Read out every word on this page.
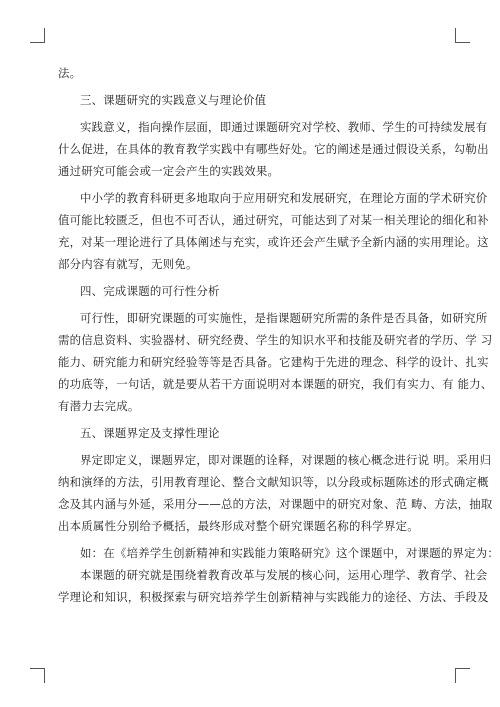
法。
三、课题研究的实践意义与理论价值
实践意义，指向操作层面，即通过课题研究对学校、教师、学生的可持续发展有
什么促进，在具体的教育教学实践中有哪些好处。它的阐述是通过假设关系，勾勒出
通过研究可能会或一定会产生的实践效果。
中小学的教育科研更多地取向于应用研究和发展研究，在理论方面的学术研究价
值可能比较匮乏，但也不可否认，通过研究，可能达到了对某一相关理论的细化和补
充，对某一理论进行了具体阐述与充实，或许还会产生赋予全新内涵的实用理论。这
部分内容有就写，无则免。
四、完成课题的可行性分析
可行性，即研究课题的可实施性，是指课题研究所需的条件是否具备，如研究所
需的信息资料、实验器材、研究经费、学生的知识水平和技能及研究者的学历、学 习
能力、研究能力和研究经验等等是否具备。它建构于先进的理念、科学的设计、扎实
的功底等，一句话，就是要从若干方面说明对本课题的研究，我们有实力、有 能力、
有潜力去完成。
五、课题界定及支撑性理论
界定即定义，课题界定，即对课题的诠释，对课题的核心概念进行说 明。采用归
纳和演绎的方法，引用教育理论、整合文献知识等，以分段或标题陈述的形式确定概
念及其内涵与外延，采用分——总的方法，对课题中的研究对象、范 畴、方法，抽取
出本质属性分别给予概括，最终形成对整个研究课题名称的科学界定。
如：在《培养学生创新精神和实践能力策略研究》这个课题中，对课题的界定为：
本课题的研究就是围绕着教育改革与发展的核心问，运用心理学、教育学、社会
学理论和知识，积极探索与研究培养学生创新精神与实践能力的途径、方法、手段及
